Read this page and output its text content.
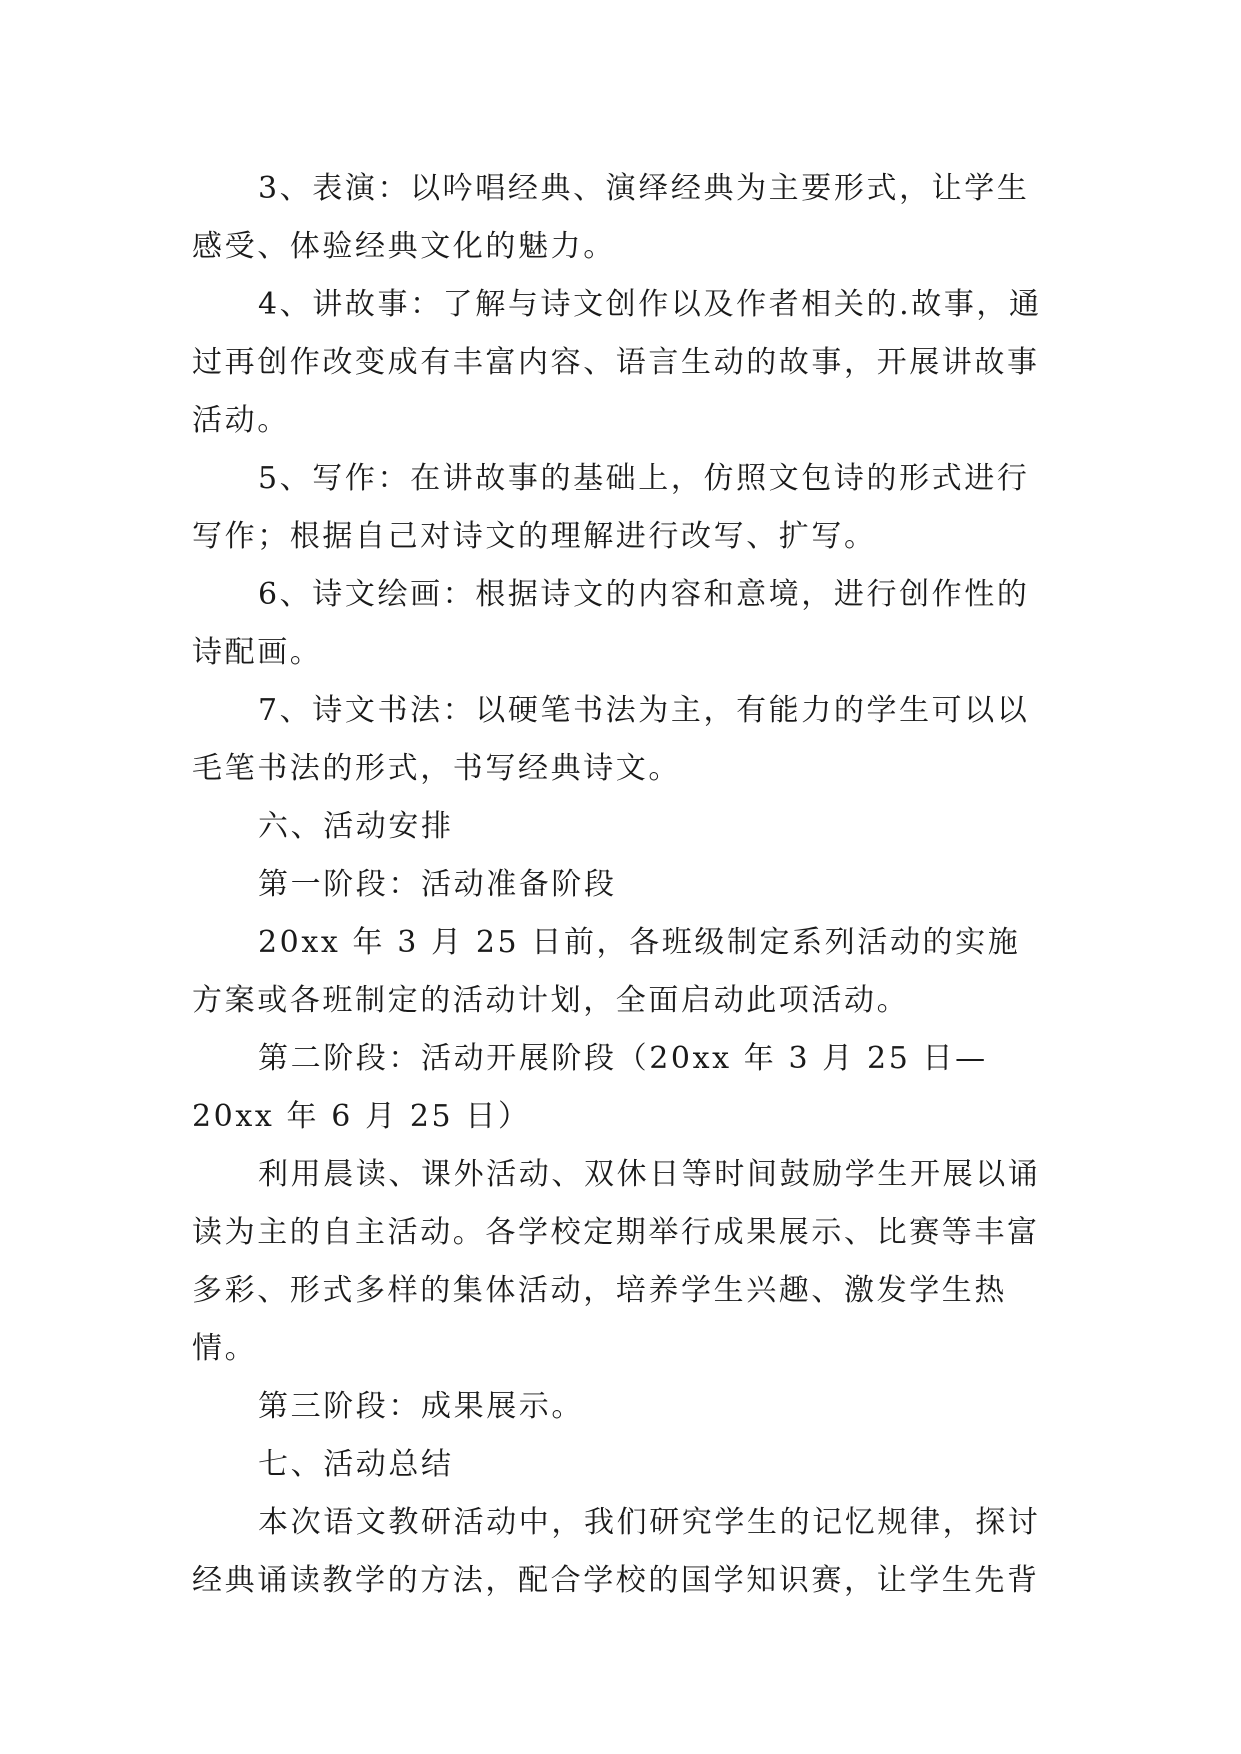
3、表演：以吟唱经典、演绎经典为主要形式，让学生感受、体验经典文化的魅力。

4、讲故事：了解与诗文创作以及作者相关的.故事，通过再创作改变成有丰富内容、语言生动的故事，开展讲故事活动。

5、写作：在讲故事的基础上，仿照文包诗的形式进行写作；根据自己对诗文的理解进行改写、扩写。

6、诗文绘画：根据诗文的内容和意境，进行创作性的诗配画。

7、诗文书法：以硬笔书法为主，有能力的学生可以以毛笔书法的形式，书写经典诗文。

六、活动安排

第一阶段：活动准备阶段

20xx 年 3 月 25 日前，各班级制定系列活动的实施方案或各班制定的活动计划，全面启动此项活动。

第二阶段：活动开展阶段（20xx 年 3 月 25 日—20xx 年 6 月 25 日）

利用晨读、课外活动、双休日等时间鼓励学生开展以诵读为主的自主活动。各学校定期举行成果展示、比赛等丰富多彩、形式多样的集体活动，培养学生兴趣、激发学生热情。

第三阶段：成果展示。

七、活动总结

本次语文教研活动中，我们研究学生的记忆规律，探讨经典诵读教学的方法，配合学校的国学知识赛，让学生先背
